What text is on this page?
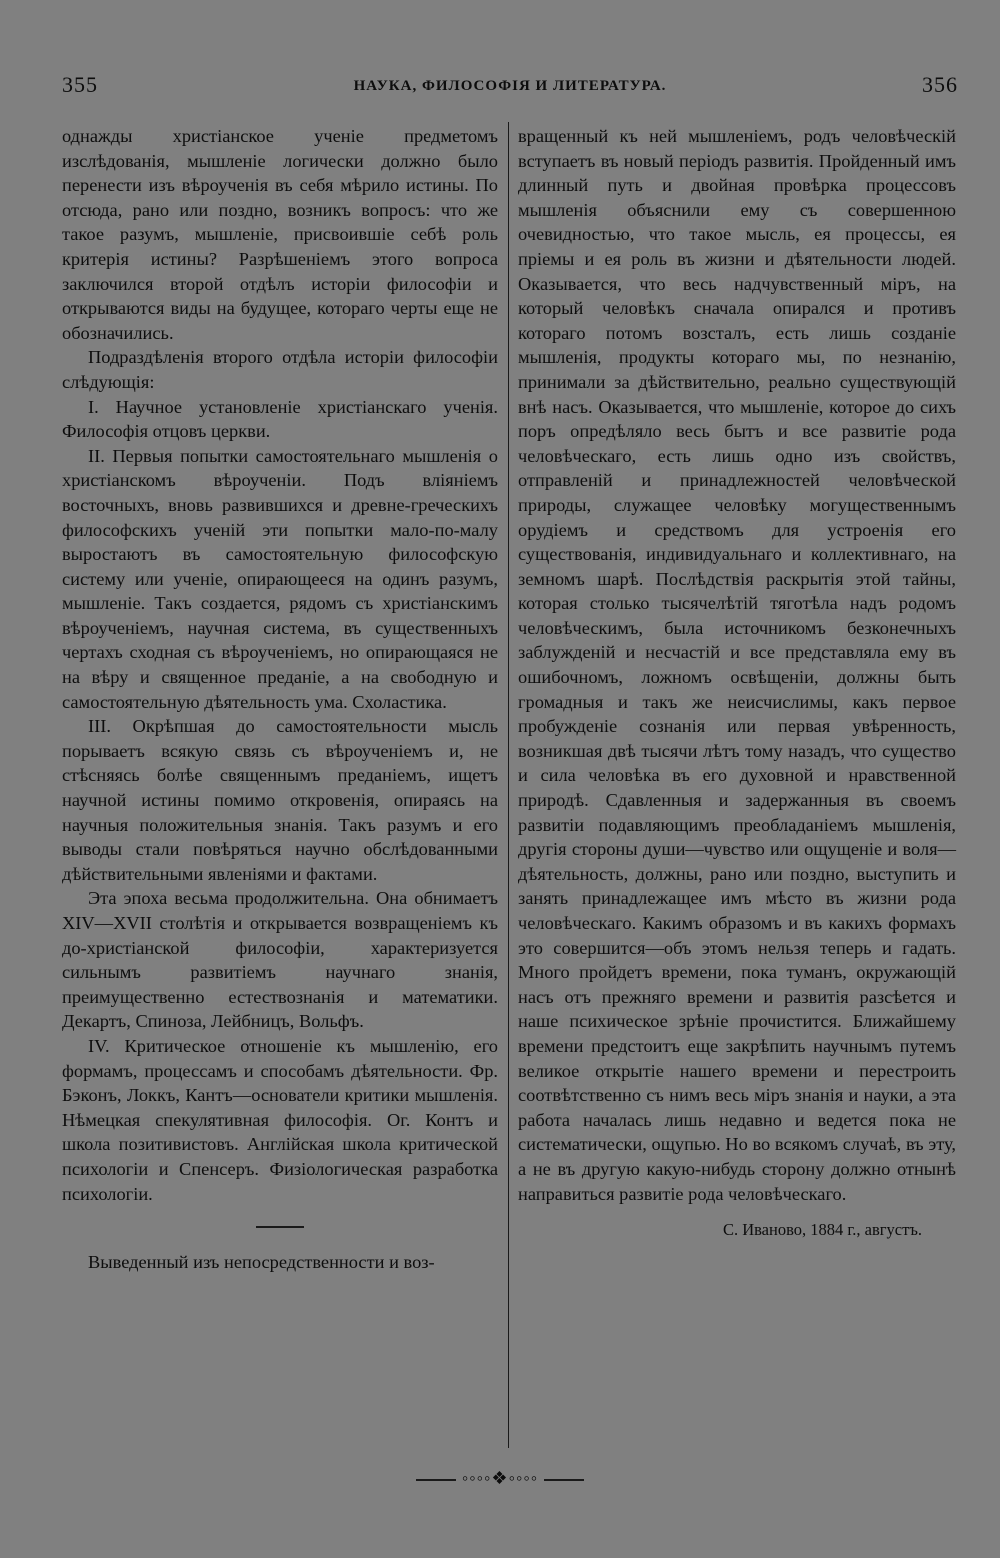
355	НАУКА, ФИЛОСОФІЯ И ЛИТЕРАТУРА.	356

однажды христіанское ученіе предметомъ изслѣдованія, мышленіе логически должно было перенести изъ вѣроученія въ себя мѣрило истины. По отсюда, рано или поздно, возникъ вопросъ: что же такое разумъ, мышленіе, присвоившіе себѣ роль критерія истины? Разрѣшеніемъ этого вопроса заключился второй отдѣлъ исторіи философіи и открываются виды на будущее, котораго черты еще не обозначились.

Подраздѣленія второго отдѣла исторіи философіи слѣдующія:

I. Научное установленіе христіанскаго ученія. Философія отцовъ церкви.

II. Первыя попытки самостоятельнаго мышленія о христіанскомъ вѣроученіи. Подъ вліяніемъ восточныхъ, вновь развившихся и древне-греческихъ философскихъ ученій эти попытки мало-по-малу выростаютъ въ самостоятельную философскую систему или ученіе, опирающееся на одинъ разумъ, мышленіе. Такъ создается, рядомъ съ христіанскимъ вѣроученіемъ, научная система, въ существенныхъ чертахъ сходная съ вѣроученіемъ, но опирающаяся не на вѣру и священное преданіе, а на свободную и самостоятельную дѣятельность ума. Схоластика.

III. Окрѣпшая до самостоятельности мысль порываетъ всякую связь съ вѣроученіемъ и, не стѣсняясь болѣе священнымъ преданіемъ, ищетъ научной истины помимо откровенія, опираясь на научныя положительныя знанія. Такъ разумъ и его выводы стали повѣряться научно обслѣдованными дѣйствительными явленіями и фактами.

Эта эпоха весьма продолжительна. Она обнимаетъ XIV—XVII столѣтія и открывается возвращеніемъ къ до-христіанской философіи, характеризуется сильнымъ развитіемъ научнаго знанія, преимущественно естествознанія и математики. Декартъ, Спиноза, Лейбницъ, Вольфъ.

IV. Критическое отношеніе къ мышленію, его формамъ, процессамъ и способамъ дѣятельности. Фр. Бэконъ, Локкъ, Кантъ—основатели критики мышленія. Нѣмецкая спекулятивная философія. Ог. Контъ и школа позитивистовъ. Англійская школа критической психологіи и Спенсеръ. Физіологическая разработка психологіи.

Выведенный изъ непосредственности и воз-

вращенный къ ней мышленіемъ, родъ человѣческій вступаетъ въ новый періодъ развитія. Пройденный имъ длинный путь и двойная провѣрка процессовъ мышленія объяснили ему съ совершенною очевидностью, что такое мысль, ея процессы, ея пріемы и ея роль въ жизни и дѣятельности людей. Оказывается, что весь надчувственный міръ, на который человѣкъ сначала опирался и противъ котораго потомъ возсталъ, есть лишь созданіе мышленія, продукты котораго мы, по незнанію, принимали за дѣйствительно, реально существующій внѣ насъ. Оказывается, что мышленіе, которое до сихъ поръ опредѣляло весь бытъ и все развитіе рода человѣческаго, есть лишь одно изъ свойствъ, отправленій и принадлежностей человѣческой природы, служащее человѣку могущественнымъ орудіемъ и средствомъ для устроенія его существованія, индивидуальнаго и коллективнаго, на земномъ шарѣ. Послѣдствія раскрытія этой тайны, которая столько тысячелѣтій тяготѣла надъ родомъ человѣческимъ, была источникомъ безконечныхъ заблужденій и несчастій и все представляла ему въ ошибочномъ, ложномъ освѣщеніи, должны быть громадныя и такъ же неисчислимы, какъ первое пробужденіе сознанія или первая увѣренность, возникшая двѣ тысячи лѣтъ тому назадъ, что существо и сила человѣка въ его духовной и нравственной природѣ. Сдавленныя и задержанныя въ своемъ развитіи подавляющимъ преобладаніемъ мышленія, другія стороны души—чувство или ощущеніе и воля—дѣятельность, должны, рано или поздно, выступить и занять принадлежащее имъ мѣсто въ жизни рода человѣческаго. Какимъ образомъ и въ какихъ формахъ это совершится—объ этомъ нельзя теперь и гадать. Много пройдетъ времени, пока туманъ, окружающій насъ отъ прежняго времени и развитія разсѣется и наше психическое зрѣніе прочистится. Ближайшему времени предстоитъ еще закрѣпить научнымъ путемъ великое открытіе нашего времени и перестроить соотвѣтственно съ нимъ весь міръ знанія и науки, а эта работа началась лишь недавно и ведется пока не систематически, ощупью. Но во всякомъ случаѣ, въ эту, а не въ другую какую-нибудь сторону должно отнынѣ направиться развитіе рода человѣческаго.

С. Иваново, 1884 г., августъ.
◦◦◦◦❖◦◦◦◦
